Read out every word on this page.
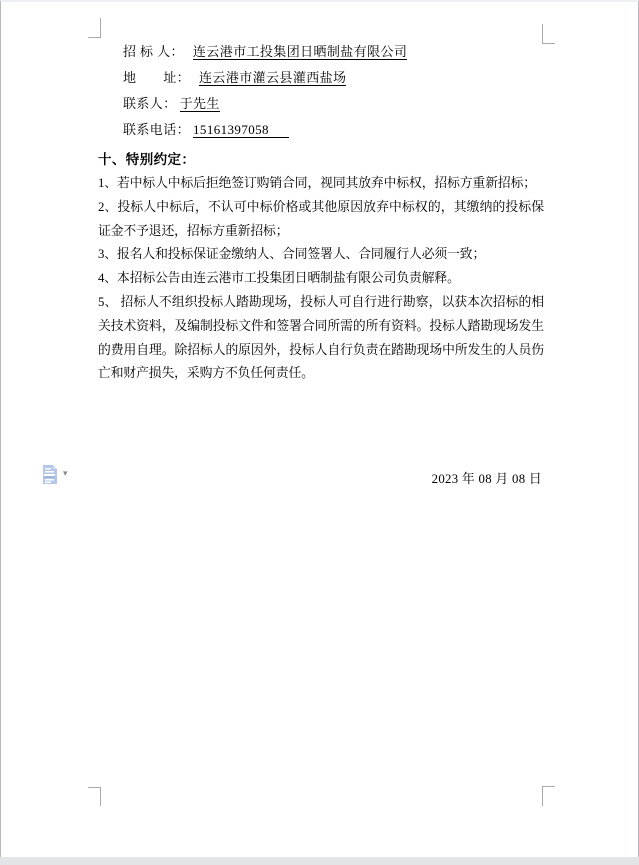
招 标 人： 连云港市工投集团日晒制盐有限公司
地　　址： 连云港市灌云县灌西盐场
联系人： 于先生
联系电话： 15161397058
十、特别约定：

1、若中标人中标后拒绝签订购销合同，视同其放弃中标权，招标方重新招标；

2、投标人中标后，不认可中标价格或其他原因放弃中标权的，其缴纳的投标保证金不予退还，招标方重新招标；

3、报名人和投标保证金缴纳人、合同签署人、合同履行人必须一致；

4、本招标公告由连云港市工投集团日晒制盐有限公司负责解释。

5、 招标人不组织投标人踏勘现场，投标人可自行进行勘察，以获本次招标的相关技术资料，及编制投标文件和签署合同所需的所有资料。投标人踏勘现场发生的费用自理。除招标人的原因外，投标人自行负责在踏勘现场中所发生的人员伤亡和财产损失，采购方不负任何责任。

▾	2023 年 08 月 08 日
